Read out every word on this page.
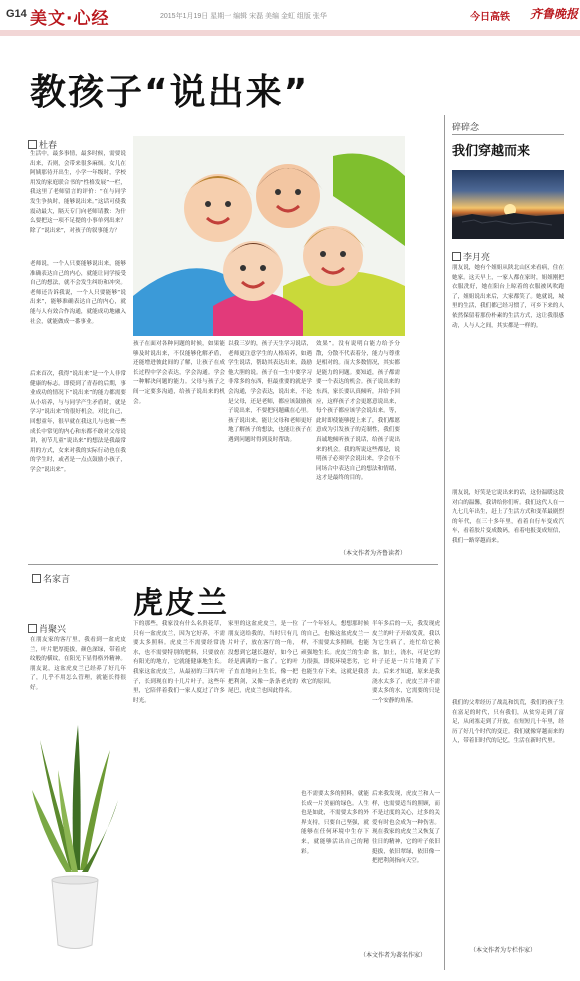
G14 美文·心经	2015年1月19日 星期一 编辑 宋磊 美编 金虹 组版 张华	今日高铁 齐鲁晚报
教孩子“说出来”
杜春
生活中，最多事情，最多时候，需要说出来，否则，会带来很多麻烦。女儿在阿姨那待开出生，小学一年级时，学校用发的家庭联合书的“性格发展”一栏，我这里了老师留言的评价：“在与同学发生争执时，能够说出来。”这话可使我震动最大，隔天专门向老师请教：为什么要把这一项不足提的小事单列出来？除了“说出来”，对孩子的叙事能力？
老师说，一个人只要能够说出来，能够准确表达自己的内心，就能让同学接受自己的想法，就不会发生纠纷和冲突。老师还告诉我说，一个人只要能够“说出来”，能够准确表达自己的内心，就能与人有效合作沟通，就能成功地融入社会，就能做成一番事业。
后来首次，我得“说出来”是一个人非常健康的标志。即使到了青春的后期，事业成功的情况下“说出来”的能力都需要从小培养，与与同学产生矛盾时，就是学习“说出来”的很好机会。对比自己，回想童年，很早就在我这儿与也被一些成长中常见的内心和东都不敢对父母说讲，初节儿童“说出来”的想法是我最常用的方式，女来对我的实际行动也在我的学生时，或者是一点点鼓励小孩子，学会“说出来”。
孩子在面对各种问题的时候，如果能够及时说出来，不仅能够化解矛盾，还能增进彼此间的了解，让孩子在成长过程中学会表达，学会沟通。学会一种解决问题的能力。父母与孩子之间一定要多沟通，给孩子说出来的机会。
以我三岁的，孩子天生学习说话，老师更注意学生的人格培养，如遇学生说话，帮助其表达出来，鼓励他大胆的说。孩子在一生中要学习非常多的东西，但最重要的就是学会沟通，学会表达，说出来，不论是父母，还是老师，都应该鼓励孩子说出来，不要把问题藏在心里。孩子说出来，能让父母和老师更好地了解孩子的想法，也能让孩子在遇到问题时得到及时帮助。
效果”。没有说明白能力给予分散，分散不代表着分，能力与尊重是相对的。而大多数情况，其实都是能力的问题。要知道，孩子都需要一个表达的机会。孩子说出来的东西，家长要认真倾听，并给予回应，这样孩子才会更愿意说出来，每个孩子都应该学会说出来。等，此时即使能够提上来了，我们都愿意成为引发孩子的克制性，我们要真诚地倾听孩子说话，给孩子说出来的机会。我的所说这些都是，说明孩子必须学会说出来，学会在不同场合中表达自己的想法和情绪，这才是最终的目的。
（本文作者为齐鲁读者）
碎碎念
我们穿越而来
李月亮
朋友说，她有个姐姐从陕北山区来看病，住在她家。这天早上，一家人都在家时，姐姐刚把衣服洗好，她在阳台上晾着的衣服被风吹跑了，姐姐说出来后，大家都笑了。她就说，城里的生活，我们都已经习惯了，可乡下来的人依然保留着那份朴素的生活方式，这让我很感动，人与人之间，其实都是一样的。
朋友说，好笑是它说出来的话，这份温暖这段对白的温馨，我讲给你们听。我们这代人在一九七几年出生，赶上了生活方式和变革最剧烈的年代，在三十多年里，看着自行车变成汽车，看着胶片变成数码，看着电报变成短信，我们一路穿越而来。
我们的父辈经历了战乱和饥荒，我们的孩子生在富足的时代，只有我们，从贫穷走到了富足，从闭塞走到了开放，在短短几十年里，经历了好几个时代的变迁。我们就像穿越而来的人，带着旧时代的记忆，生活在新时代里。
（本文作者为专栏作家）
名家言
虎皮兰
肖聚兴
在朋友家的客厅里，我看到一盆虎皮兰，叶片肥厚挺拔，颜色深绿，带着虎纹般的横纹，在阳光下显得格外精神。朋友说，这盆虎皮兰已经养了好几年了，几乎不用怎么管理，就能长得很好。
下的那些，我家没有什么名贵花草，只有一盆虎皮兰，因为它好养，不需要太多照料。虎皮兰不需要经常浇水，也不需要特别的肥料，只要放在有阳光的地方，它就能健康地生长。我家这盆虎皮兰，从最初的三四片叶子，长到现在的十几片叶子，这些年里，它陪伴着我们一家人度过了许多时光。
家里的这盆虎皮兰，是一位朋友送给我的，当时只有几片叶子，放在客厅的一角，没想到它越长越好，如今已经是满满的一盆了。它的叶子直直地向上生长，像一把把利剑，又像一条条老虎的尾巴，虎皮兰也因此得名。
了一个年轻人，想想那时候的自己，也像这盆虎皮兰一样，不需要太多照顾，也能顽强地生长。虎皮兰的生命力很强，即使环境恶劣，它也能生存下来，这就是我喜欢它的原因。
也不需要太多的照料，就能长成一片美丽的绿色。人生也是如此，不需要太多的外界支持，只要自己坚强，就能够在任何环境中生存下来，就能够活出自己的精彩。
半年多后的一天，我发现虎皮兰的叶子开始发黄，我以为它生病了，连忙给它换盆，加土，浇水，可是它的叶子还是一片片地黄了下去。后来才知道，原来是我浇水太多了，虎皮兰并不需要太多的水，它需要的只是一个安静的角落。
后来我发现，虎皮兰和人一样，也需要适当的照顾，而不是过度的关心，过多的关爱有时也会成为一种伤害。现在我家的虎皮兰又恢复了往日的精神，它的叶子依旧挺拔，依旧翠绿，依旧像一把把利剑指向天空。
（本文作者为著名作家）
